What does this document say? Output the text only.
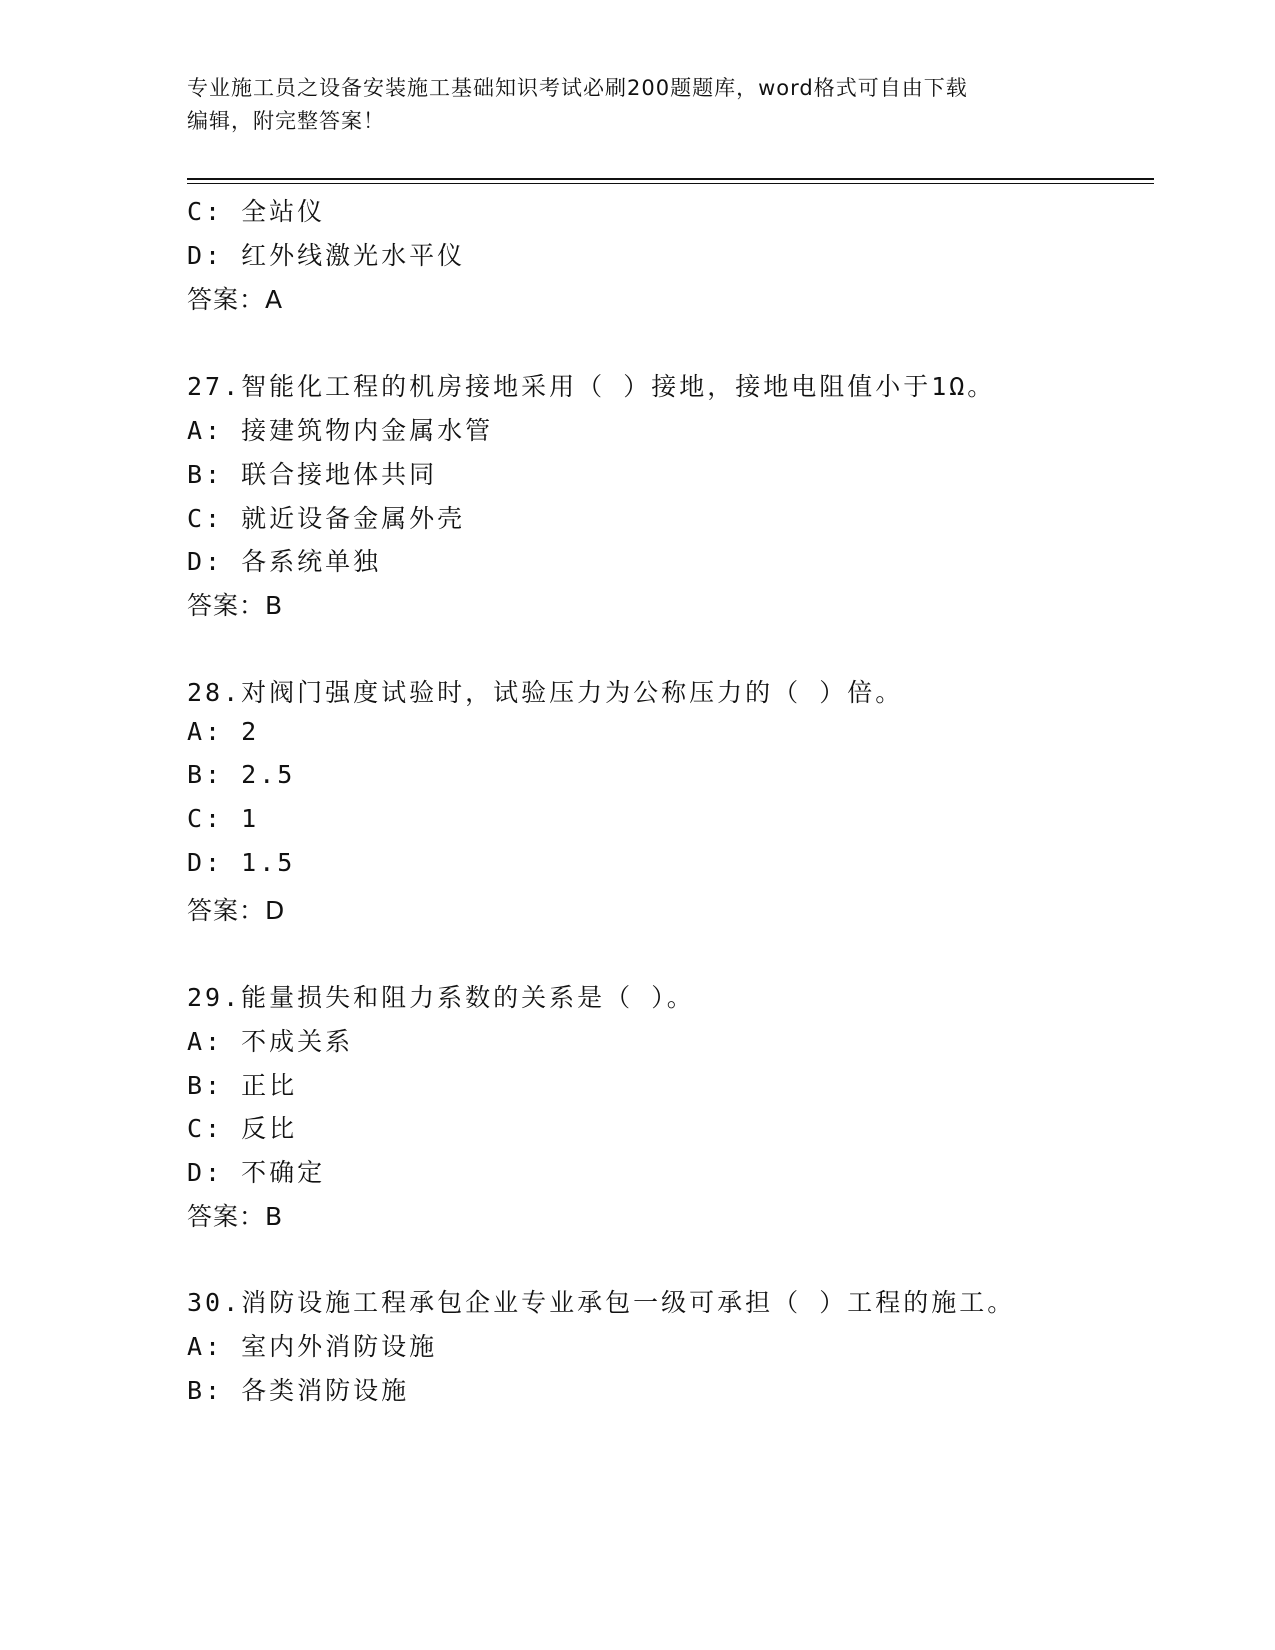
专业施工员之设备安装施工基础知识考试必刷200题题库，word格式可自由下载
编辑，附完整答案！
C: 全站仪
D: 红外线激光水平仪
答案：A
27.智能化工程的机房接地采用（ ）接地，接地电阻值小于1Ω。
A: 接建筑物内金属水管
B: 联合接地体共同
C: 就近设备金属外壳
D: 各系统单独
答案：B
28.对阀门强度试验时，试验压力为公称压力的（ ）倍。
A: 2
B: 2.5
C: 1
D: 1.5
答案：D
29.能量损失和阻力系数的关系是（ ）。
A: 不成关系
B: 正比
C: 反比
D: 不确定
答案：B
30.消防设施工程承包企业专业承包一级可承担（ ）工程的施工。
A: 室内外消防设施
B: 各类消防设施
